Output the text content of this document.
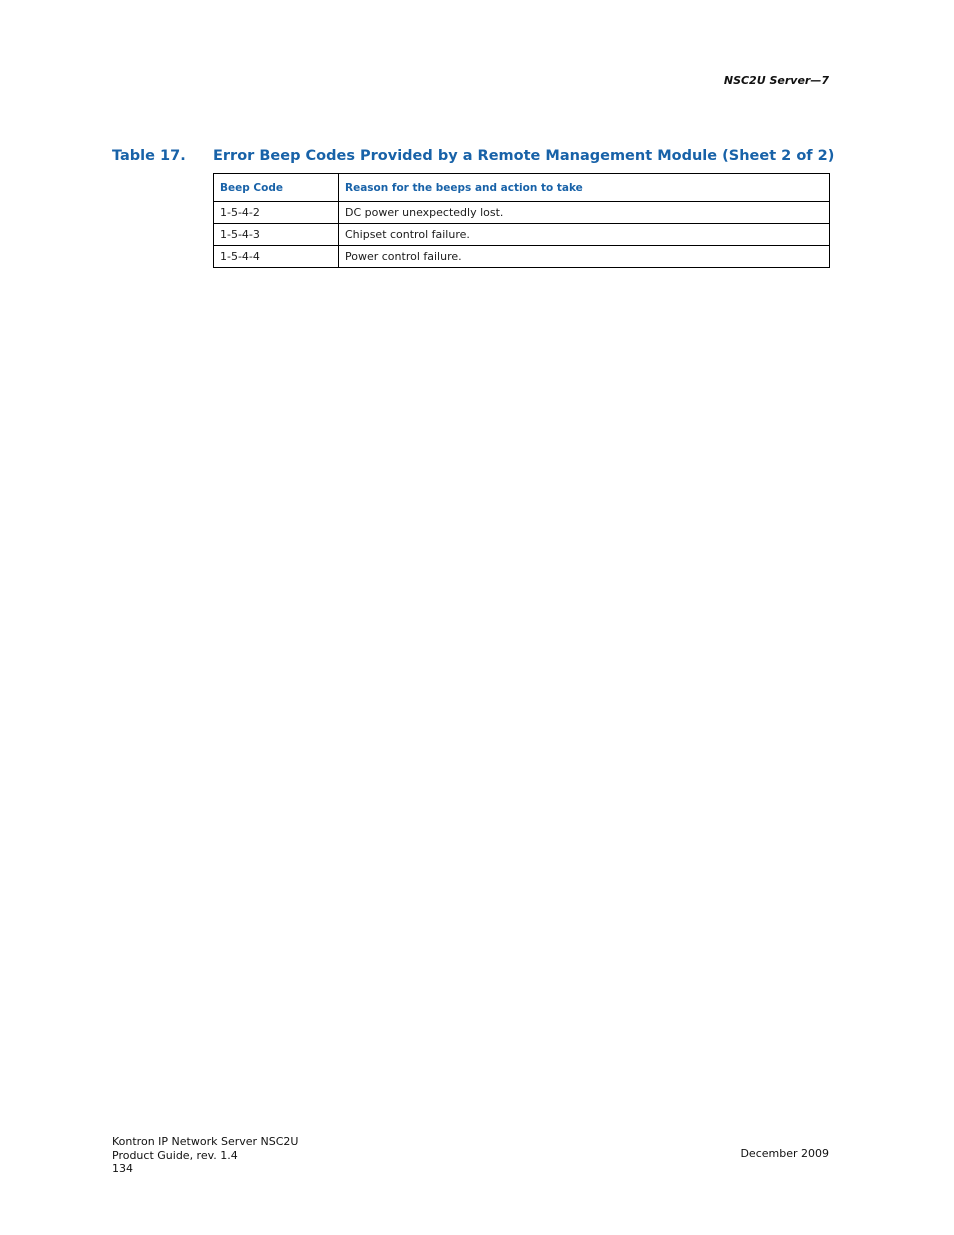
NSC2U Server—7
Table 17. Error Beep Codes Provided by a Remote Management Module (Sheet 2 of 2)
Beep Code	Reason for the beeps and action to take
1-5-4-2	DC power unexpectedly lost.
1-5-4-3	Chipset control failure.
1-5-4-4	Power control failure.
Kontron IP Network Server NSC2U
Product Guide, rev. 1.4
134
December 2009
